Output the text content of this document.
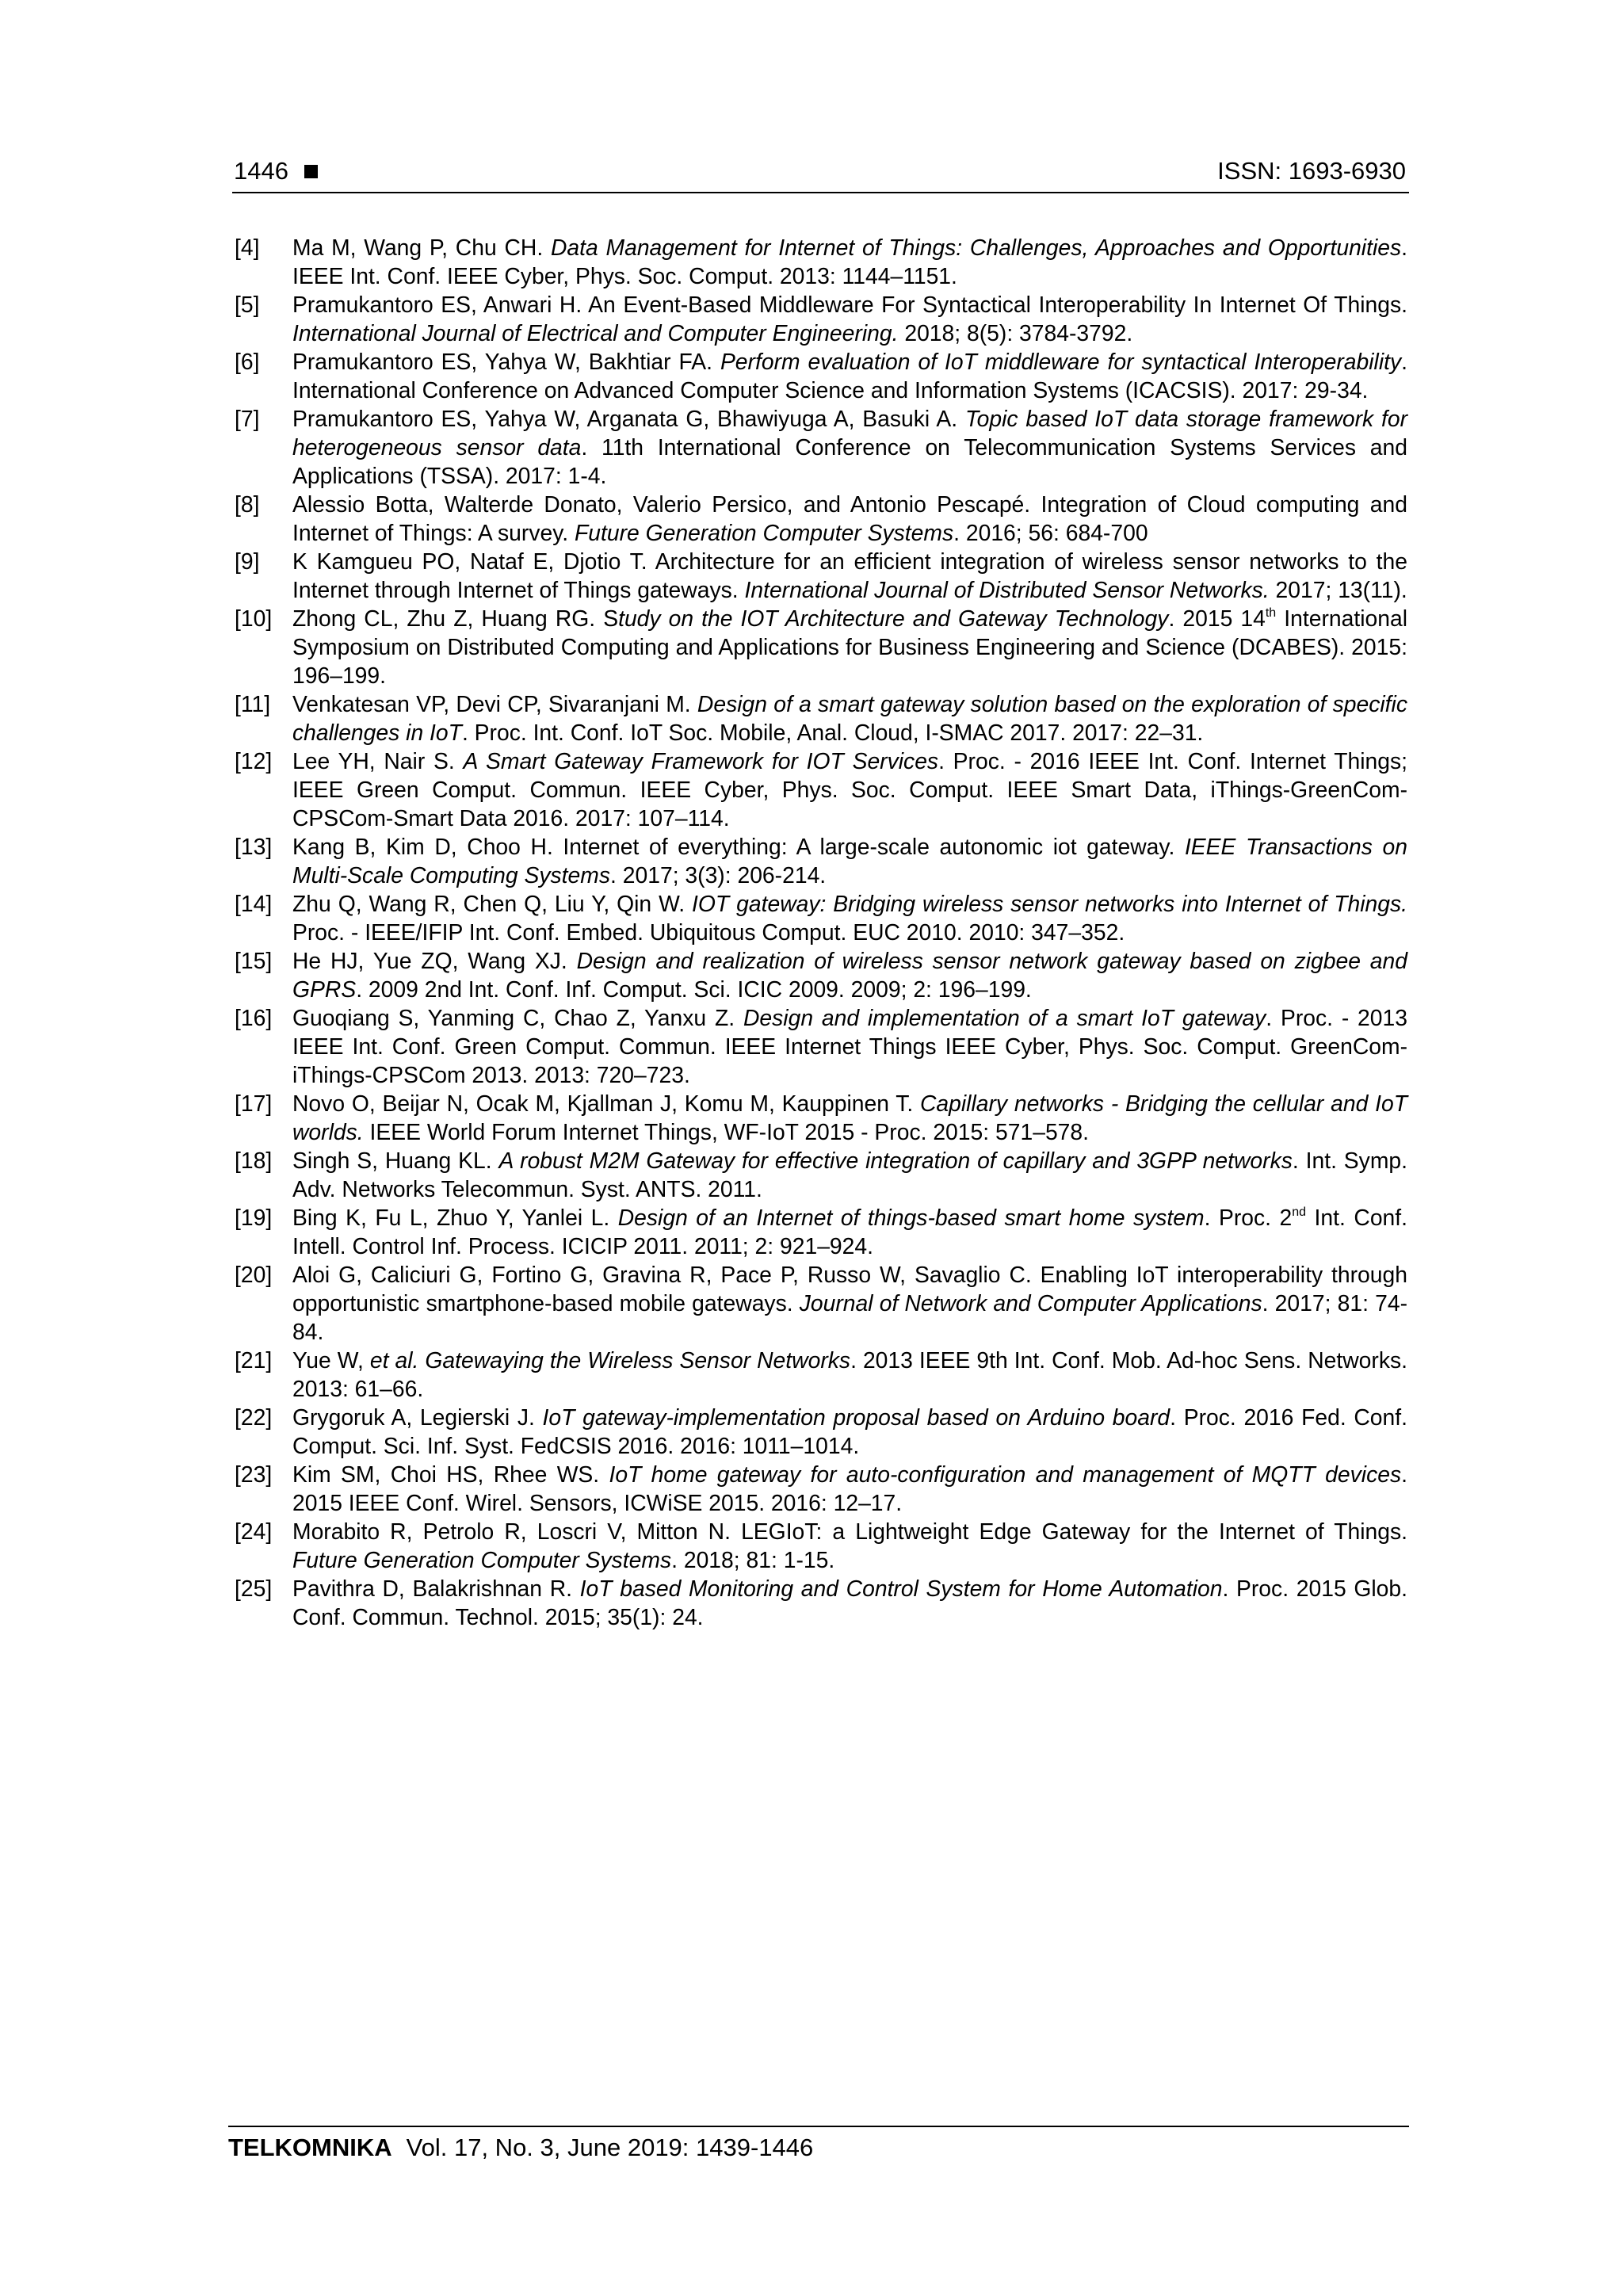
1446	ISSN: 1693-6930
[4] Ma M, Wang P, Chu CH. Data Management for Internet of Things: Challenges, Approaches and Opportunities. IEEE Int. Conf. IEEE Cyber, Phys. Soc. Comput. 2013: 1144–1151.
[5] Pramukantoro ES, Anwari H. An Event-Based Middleware For Syntactical Interoperability In Internet Of Things. International Journal of Electrical and Computer Engineering. 2018; 8(5): 3784-3792.
[6] Pramukantoro ES, Yahya W, Bakhtiar FA. Perform evaluation of IoT middleware for syntactical Interoperability. International Conference on Advanced Computer Science and Information Systems (ICACSIS). 2017: 29-34.
[7] Pramukantoro ES, Yahya W, Arganata G, Bhawiyuga A, Basuki A. Topic based IoT data storage framework for heterogeneous sensor data. 11th International Conference on Telecommunication Systems Services and Applications (TSSA). 2017: 1-4.
[8] Alessio Botta, Walterde Donato, Valerio Persico, and Antonio Pescapé. Integration of Cloud computing and Internet of Things: A survey. Future Generation Computer Systems. 2016; 56: 684-700
[9] K Kamgueu PO, Nataf E, Djotio T. Architecture for an efficient integration of wireless sensor networks to the Internet through Internet of Things gateways. International Journal of Distributed Sensor Networks. 2017; 13(11).
[10] Zhong CL, Zhu Z, Huang RG. Study on the IOT Architecture and Gateway Technology. 2015 14th International Symposium on Distributed Computing and Applications for Business Engineering and Science (DCABES). 2015: 196–199.
[11] Venkatesan VP, Devi CP, Sivaranjani M. Design of a smart gateway solution based on the exploration of specific challenges in IoT. Proc. Int. Conf. IoT Soc. Mobile, Anal. Cloud, I-SMAC 2017. 2017: 22–31.
[12] Lee YH, Nair S. A Smart Gateway Framework for IOT Services. Proc. - 2016 IEEE Int. Conf. Internet Things; IEEE Green Comput. Commun. IEEE Cyber, Phys. Soc. Comput. IEEE Smart Data, iThings-GreenCom-CPSCom-Smart Data 2016. 2017: 107–114.
[13] Kang B, Kim D, Choo H. Internet of everything: A large-scale autonomic iot gateway. IEEE Transactions on Multi-Scale Computing Systems. 2017; 3(3): 206-214.
[14] Zhu Q, Wang R, Chen Q, Liu Y, Qin W. IOT gateway: Bridging wireless sensor networks into Internet of Things. Proc. - IEEE/IFIP Int. Conf. Embed. Ubiquitous Comput. EUC 2010. 2010: 347–352.
[15] He HJ, Yue ZQ, Wang XJ. Design and realization of wireless sensor network gateway based on zigbee and GPRS. 2009 2nd Int. Conf. Inf. Comput. Sci. ICIC 2009. 2009; 2: 196–199.
[16] Guoqiang S, Yanming C, Chao Z, Yanxu Z. Design and implementation of a smart IoT gateway. Proc. - 2013 IEEE Int. Conf. Green Comput. Commun. IEEE Internet Things IEEE Cyber, Phys. Soc. Comput. GreenCom-iThings-CPSCom 2013. 2013: 720–723.
[17] Novo O, Beijar N, Ocak M, Kjallman J, Komu M, Kauppinen T. Capillary networks - Bridging the cellular and IoT worlds. IEEE World Forum Internet Things, WF-IoT 2015 - Proc. 2015: 571–578.
[18] Singh S, Huang KL. A robust M2M Gateway for effective integration of capillary and 3GPP networks. Int. Symp. Adv. Networks Telecommun. Syst. ANTS. 2011.
[19] Bing K, Fu L, Zhuo Y, Yanlei L. Design of an Internet of things-based smart home system. Proc. 2nd Int. Conf. Intell. Control Inf. Process. ICICIP 2011. 2011; 2: 921–924.
[20] Aloi G, Caliciuri G, Fortino G, Gravina R, Pace P, Russo W, Savaglio C. Enabling IoT interoperability through opportunistic smartphone-based mobile gateways. Journal of Network and Computer Applications. 2017; 81: 74-84.
[21] Yue W, et al. Gatewaying the Wireless Sensor Networks. 2013 IEEE 9th Int. Conf. Mob. Ad-hoc Sens. Networks. 2013: 61–66.
[22] Grygoruk A, Legierski J. IoT gateway-implementation proposal based on Arduino board. Proc. 2016 Fed. Conf. Comput. Sci. Inf. Syst. FedCSIS 2016. 2016: 1011–1014.
[23] Kim SM, Choi HS, Rhee WS. IoT home gateway for auto-configuration and management of MQTT devices. 2015 IEEE Conf. Wirel. Sensors, ICWiSE 2015. 2016: 12–17.
[24] Morabito R, Petrolo R, Loscri V, Mitton N. LEGIoT: a Lightweight Edge Gateway for the Internet of Things. Future Generation Computer Systems. 2018; 81: 1-15.
[25] Pavithra D, Balakrishnan R. IoT based Monitoring and Control System for Home Automation. Proc. 2015 Glob. Conf. Commun. Technol. 2015; 35(1): 24.
TELKOMNIKA Vol. 17, No. 3, June 2019: 1439-1446
